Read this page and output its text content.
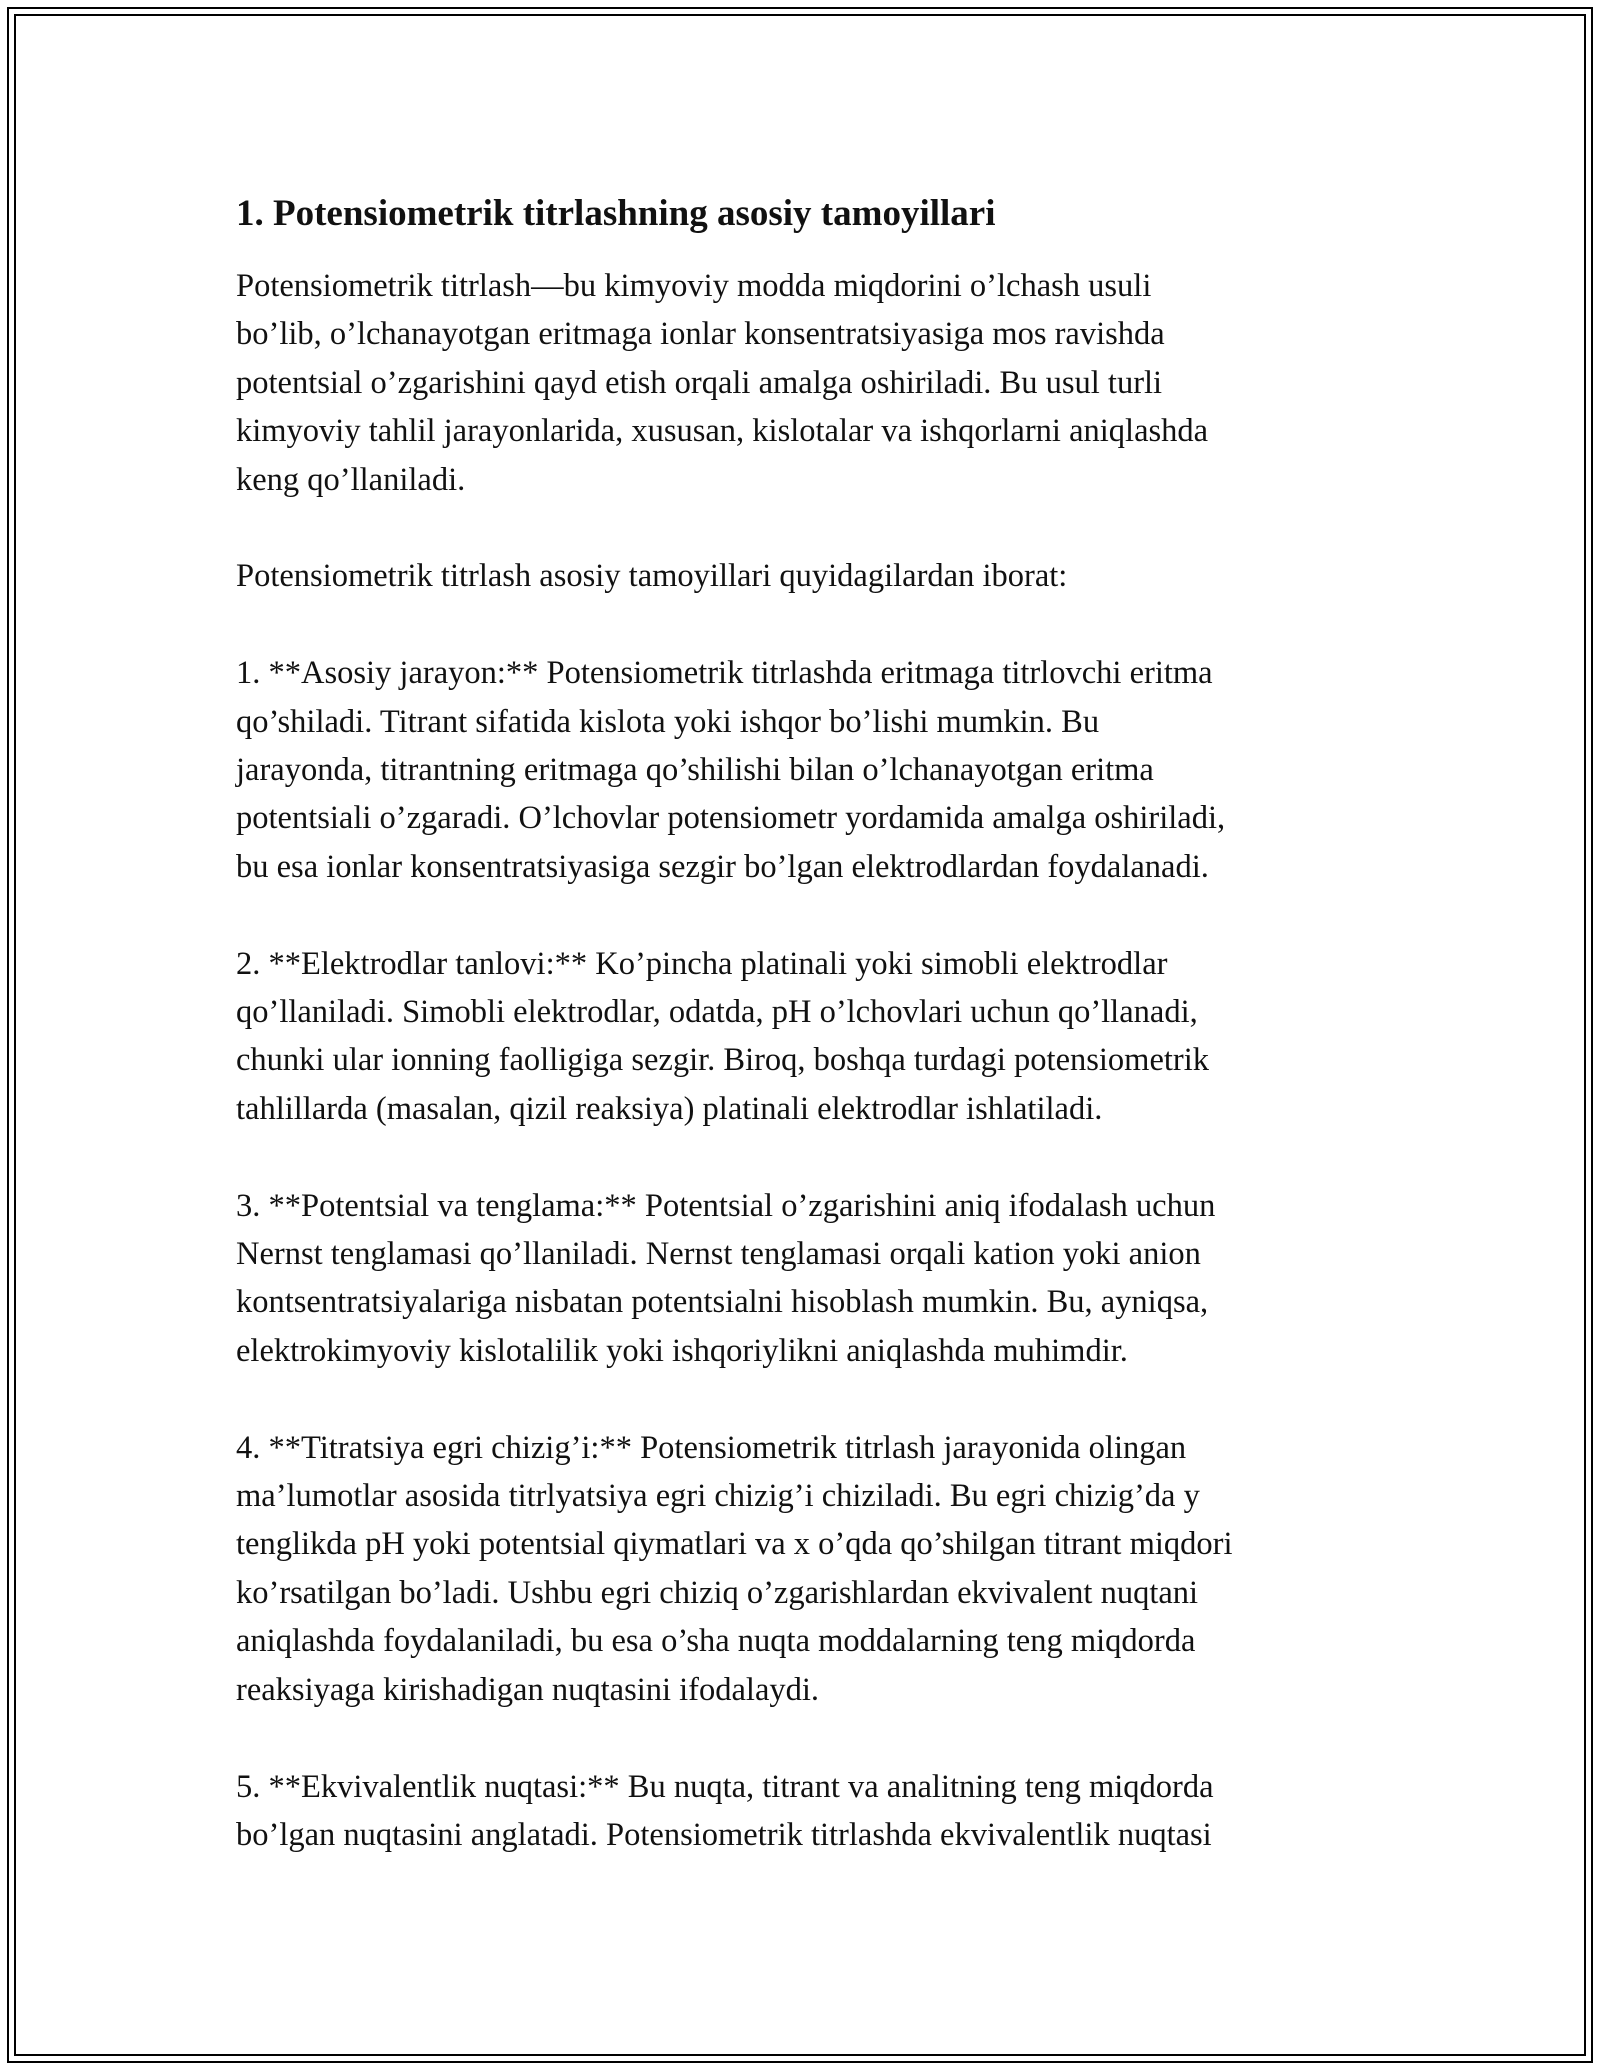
1. Potensiometrik titrlashning asosiy tamoyillari

Potensiometrik titrlash—bu kimyoviy modda miqdorini o’lchash usuli
bo’lib, o’lchanayotgan eritmaga ionlar konsentratsiyasiga mos ravishda
potentsial o’zgarishini qayd etish orqali amalga oshiriladi. Bu usul turli
kimyoviy tahlil jarayonlarida, xususan, kislotalar va ishqorlarni aniqlashda
keng qo’llaniladi.

Potensiometrik titrlash asosiy tamoyillari quyidagilardan iborat:

1. **Asosiy jarayon:** Potensiometrik titrlashda eritmaga titrlovchi eritma
qo’shiladi. Titrant sifatida kislota yoki ishqor bo’lishi mumkin. Bu
jarayonda, titrantning eritmaga qo’shilishi bilan o’lchanayotgan eritma
potentsiali o’zgaradi. O’lchovlar potensiometr yordamida amalga oshiriladi,
bu esa ionlar konsentratsiyasiga sezgir bo’lgan elektrodlardan foydalanadi.

2. **Elektrodlar tanlovi:** Ko’pincha platinali yoki simobli elektrodlar
qo’llaniladi. Simobli elektrodlar, odatda, pH o’lchovlari uchun qo’llanadi,
chunki ular ionning faolligiga sezgir. Biroq, boshqa turdagi potensiometrik
tahlillarda (masalan, qizil reaksiya) platinali elektrodlar ishlatiladi.

3. **Potentsial va tenglama:** Potentsial o’zgarishini aniq ifodalash uchun
Nernst tenglamasi qo’llaniladi. Nernst tenglamasi orqali kation yoki anion
kontsentratsiyalariga nisbatan potentsialni hisoblash mumkin. Bu, ayniqsa,
elektrokimyoviy kislotalilik yoki ishqoriylikni aniqlashda muhimdir.

4. **Titratsiya egri chizig’i:** Potensiometrik titrlash jarayonida olingan
ma’lumotlar asosida titrlyatsiya egri chizig’i chiziladi. Bu egri chizig’da y
tenglikda pH yoki potentsial qiymatlari va x o’qda qo’shilgan titrant miqdori
ko’rsatilgan bo’ladi. Ushbu egri chiziq o’zgarishlardan ekvivalent nuqtani
aniqlashda foydalaniladi, bu esa o’sha nuqta moddalarning teng miqdorda
reaksiyaga kirishadigan nuqtasini ifodalaydi.

5. **Ekvivalentlik nuqtasi:** Bu nuqta, titrant va analitning teng miqdorda
bo’lgan nuqtasini anglatadi. Potensiometrik titrlashda ekvivalentlik nuqtasi
